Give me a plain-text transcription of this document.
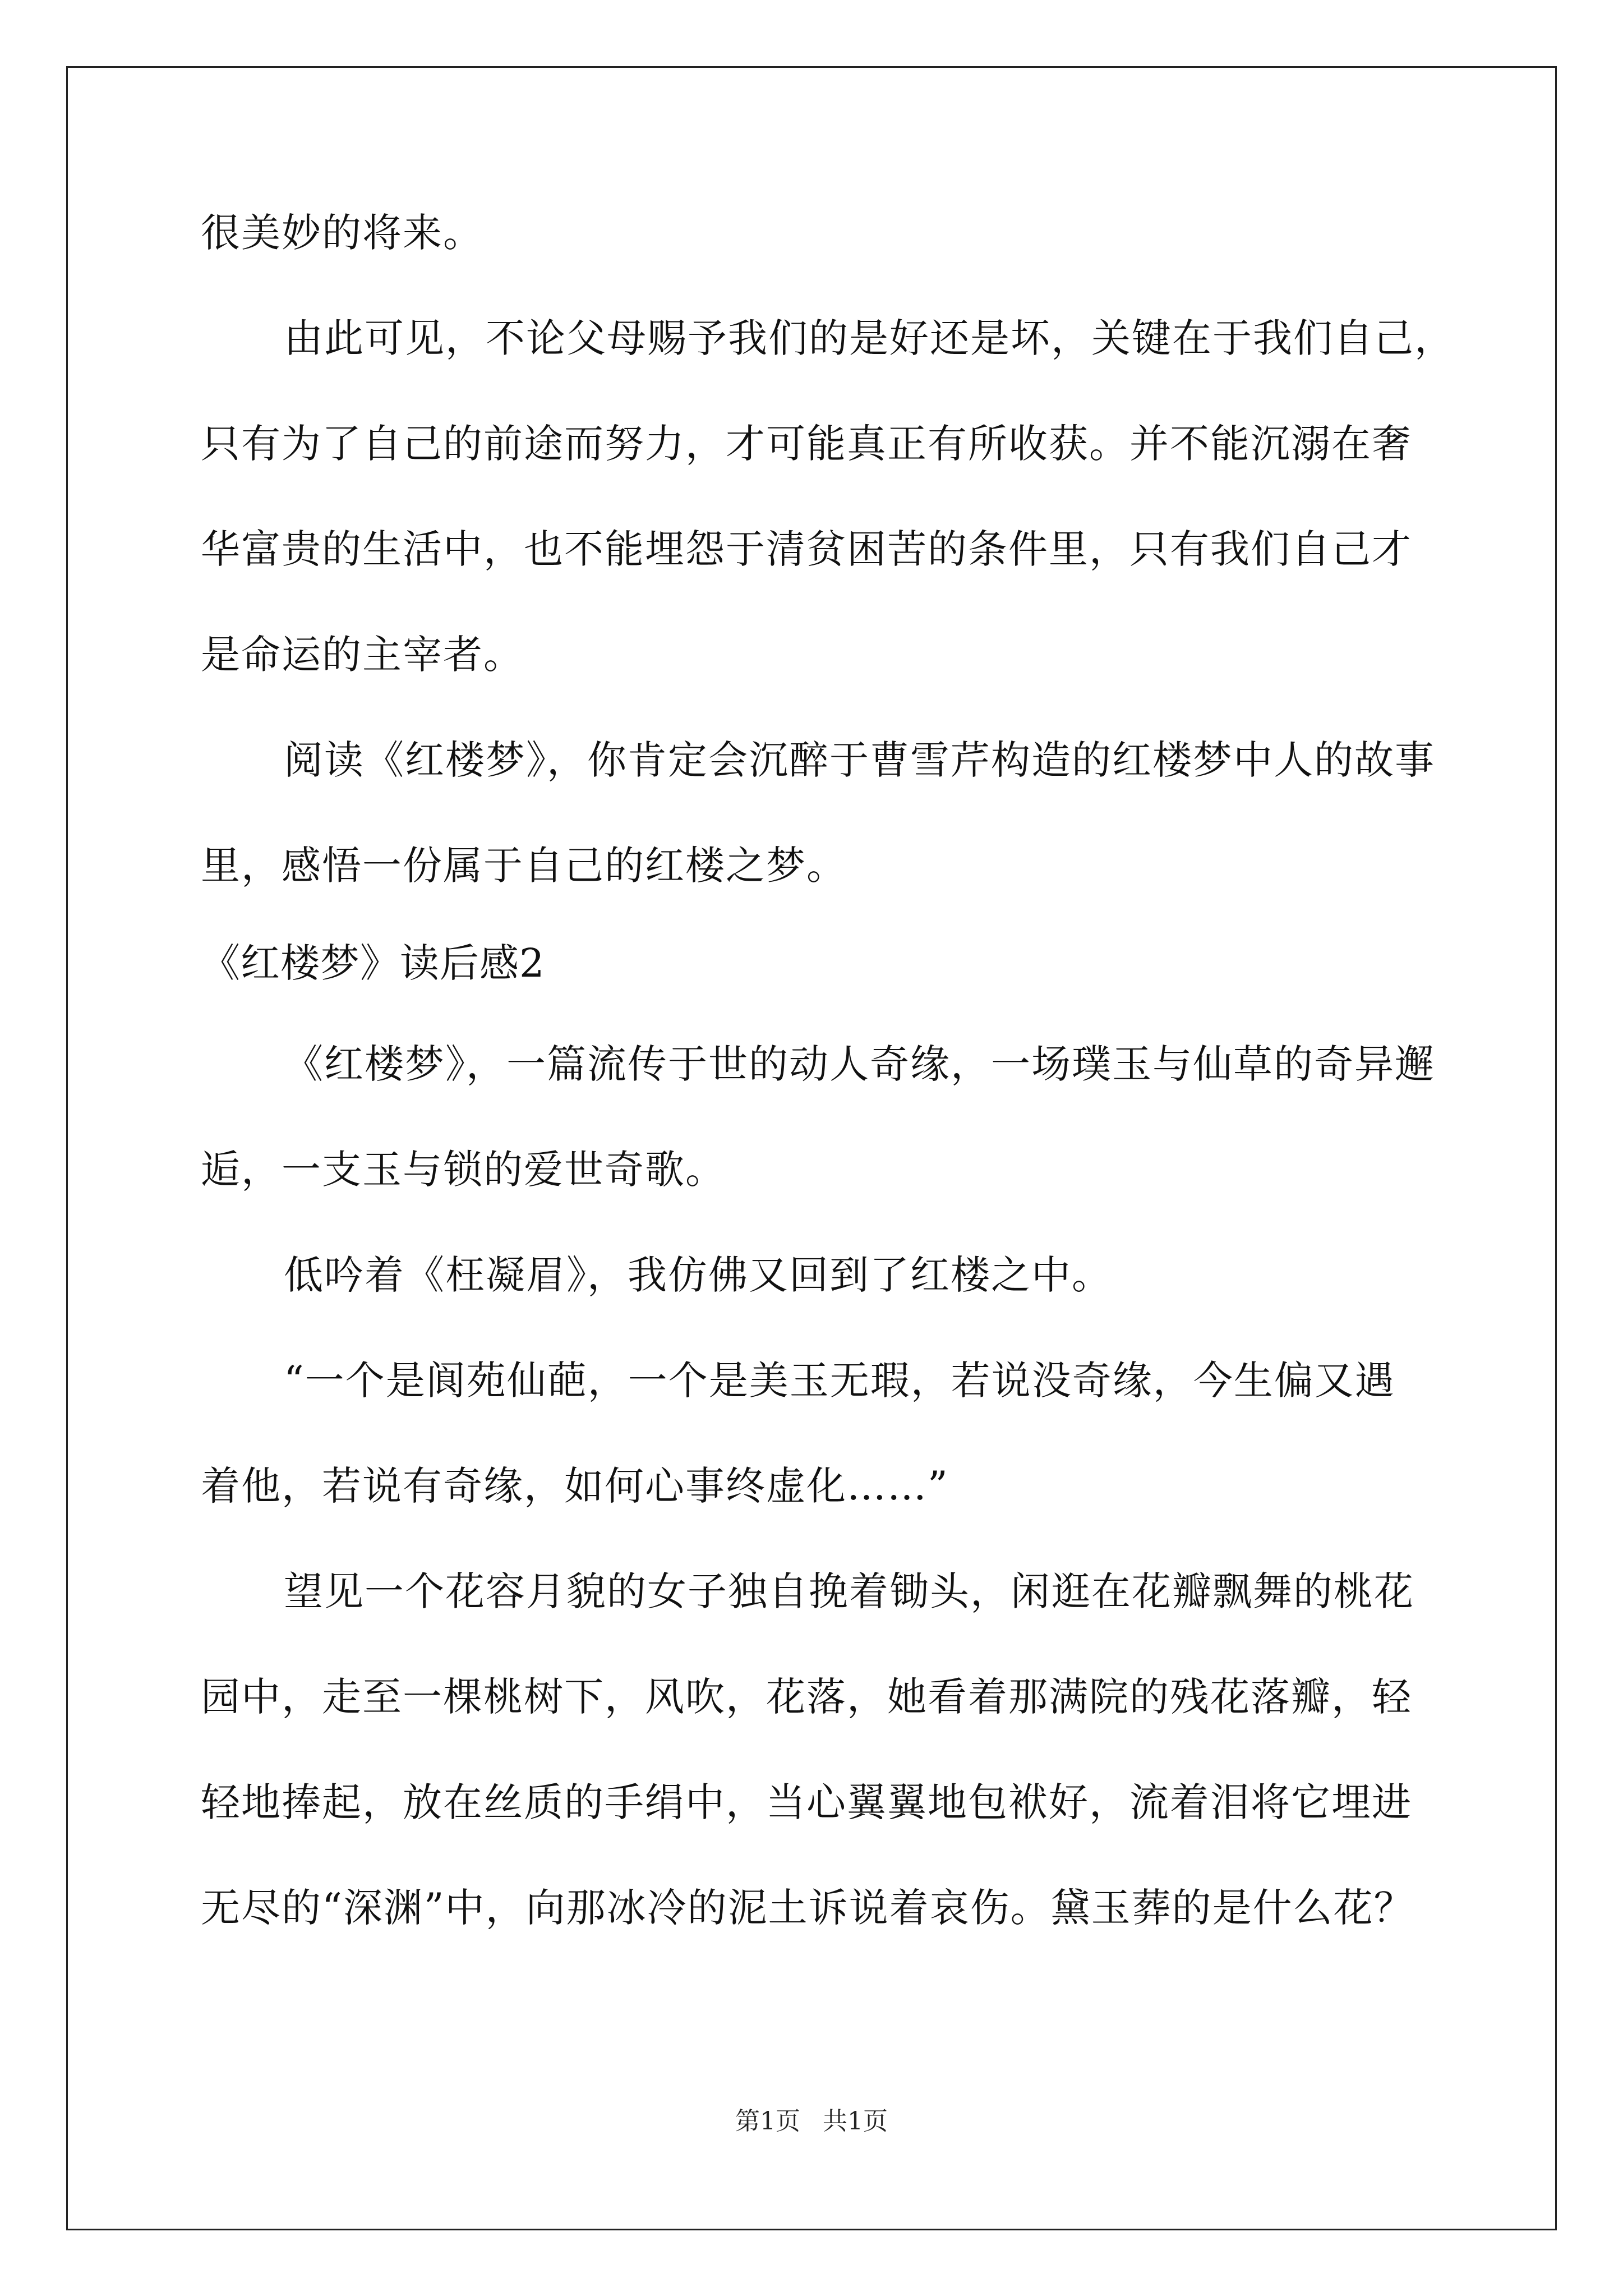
很美妙的将来。
由此可见，不论父母赐予我们的是好还是坏，关键在于我们自己，
只有为了自己的前途而努力，才可能真正有所收获。并不能沉溺在奢
华富贵的生活中，也不能埋怨于清贫困苦的条件里，只有我们自己才
是命运的主宰者。
阅读《红楼梦》，你肯定会沉醉于曹雪芹构造的红楼梦中人的故事
里，感悟一份属于自己的红楼之梦。
《红楼梦》读后感2
《红楼梦》，一篇流传于世的动人奇缘，一场璞玉与仙草的奇异邂
逅，一支玉与锁的爱世奇歌。
低吟着《枉凝眉》，我仿佛又回到了红楼之中。
“一个是阆苑仙葩，一个是美玉无瑕，若说没奇缘，今生偏又遇
着他，若说有奇缘，如何心事终虚化……”
望见一个花容月貌的女子独自挽着锄头，闲逛在花瓣飘舞的桃花
园中，走至一棵桃树下，风吹，花落，她看着那满院的残花落瓣，轻
轻地捧起，放在丝质的手绢中，当心翼翼地包袱好，流着泪将它埋进
无尽的“深渊”中，向那冰冷的泥土诉说着哀伤。黛玉葬的是什么花？
第1页 共1页
